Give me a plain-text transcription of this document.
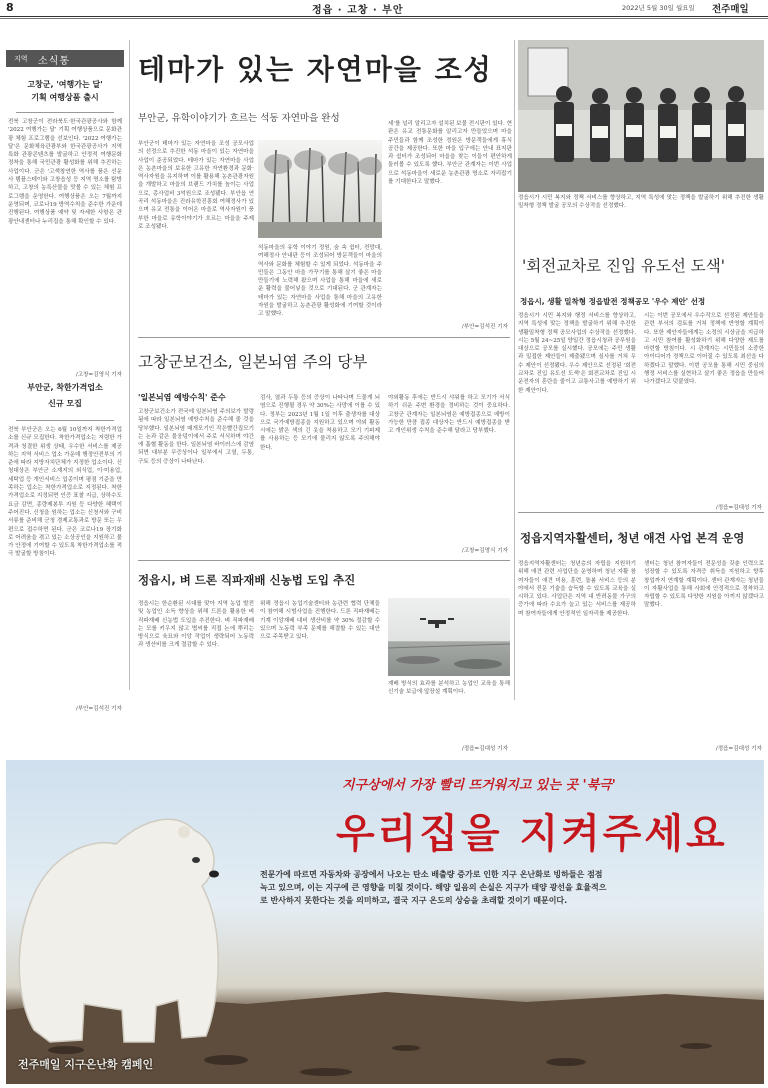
8	정읍 · 고창 · 부안	2022년 5월 30일 월요일 전주매일
지역 소식통
고창군, '여행가는 달'
기획 여행상품 출시
전북 고창군이 전라북도·한국관광공사와 함께 '2022 여행가는 달' 기획 여행상품으로 문화관광 체험 프로그램을 선보인다. '2022 여행가는 달'은 문화체육관광부와 한국관광공사가 지역특화 관광콘텐츠를 발굴하고 안정적 여행문화 정착을 통해 국민관광 활성화를 위해 추진하는 사업이다. 군은 '고색창연한 역사를 품은 선운사 템플스테이와 고창읍성 등 지역 명소를 탐방하고, 고창의 농특산물을 맛볼 수 있는 체험 프로그램을 운영한다. 여행상품은 오는 7월까지 운영되며, 코로나19 방역수칙을 준수한 가운데 진행된다. 여행상품 예약 및 자세한 사항은 관광안내센터나 누리집을 통해 확인할 수 있다.
/고창=김영식 기자
부안군, 착한가격업소
신규 모집
전북 부안군은 오는 6월 10일까지 착한가격업소를 신규 모집한다. 착한가격업소는 저렴한 가격과 청결한 위생 상태, 우수한 서비스를 제공하는 지역 서비스 업소 가운데 행정안전부의 기준에 따라 지방자치단체가 지정한 업소이다. 신청대상은 부안군 소재지의 외식업, 이·미용업, 세탁업 등 개인서비스 업종이며 평점 기준을 만족하는 업소는 착한가격업소로 지정된다. 착한가격업소로 지정되면 인증 표찰 지급, 상하수도 요금 감면, 종량제봉투 지원 등 다양한 혜택이 주어진다. 신청을 원하는 업소는 신청서와 구비서류를 준비해 군청 경제교통과로 방문 또는 우편으로 접수하면 된다. 군은 코로나19 장기화로 어려움을 겪고 있는 소상공인을 지원하고 물가 안정에 기여할 수 있도록 착한가격업소를 적극 발굴할 방침이다.
/부안=김석진 기자
테마가 있는 자연마을 조성
부안군, 유학이야기가 흐르는 석동 자연마을 완성
부안군이 테마가 있는 자연마을 조성 공모사업의 선정으로 추진한 석동 마을이 있는 자연마을 사업이 준공되었다. 테마가 있는 자연마을 사업은 농촌마을의 보유한 고유한 자연환경과 문화·역사자원을 유지하며 이를 활용해 농촌관광자원을 개발하고 마을의 브랜드 가치를 높이는 사업으로, 총사업비 3억원으로 조성됐다. 부안읍 연곡리 석동마을은 진라유학진흥회 여해정사가 있으며 유교 전통을 이어온 마을로 역사자원이 풍부한 마을로 유학이야기가 흐르는 마을을 주제로 조성됐다.
석동마을의 유학 이야기 정원, 숲 속 쉼터, 전망대, 여해정사 안내판 등이 조성되어 방문객들이 마을의 역사와 문화를 체험할 수 있게 되었다. 석동마을 주민들은 그동안 마을 가꾸기를 통해 살기 좋은 마을 만들기에 노력해 왔으며 사업을 통해 마을에 새로운 활력을 불어넣을 것으로 기대된다. 군 관계자는 테마가 있는 자연마을 사업을 통해 마을의 고유한 자원을 발굴하고 농촌관광 활성화에 기여할 것이라고 말했다.
세'를 널리 알리고자 설치된 보물 전시판이 있다. 현판은 유교 전통문화를 알리고자 만들었으며 마을 주민들과 함께 조성한 정원은 방문객들에게 휴식 공간을 제공한다. 또한 마을 입구에는 안내 표지판과 쉼터가 조성되어 마을을 찾는 이들이 편안하게 둘러볼 수 있도록 했다. 부안군 관계자는 이번 사업으로 석동마을이 새로운 농촌관광 명소로 자리잡기를 기대한다고 말했다.
/부안=김석진 기자
정읍시가 시민 복지와 정책 서비스를 향상하고, 지역 특성에 맞는 정책을 발굴하기 위해 추진한 생활밀착형 정책 발굴 공모의 수상작을 선정했다.
'회전교차로 진입 유도선 도색'
정읍시, 생활 밀착형 정읍발전 정책공모 '우수 제안' 선정
정읍시가 시민 복지와 행정 서비스를 향상하고, 지역 특성에 맞는 정책을 발굴하기 위해 추진한 생활밀착형 정책 공모사업의 수상작을 선정했다. 시는 5월 24~25일 양일간 정읍시청과 공무원을 대상으로 공모를 실시했다. 공모에는 주민 생활과 밀접한 제안들이 제출됐으며 심사를 거쳐 우수 제안이 선정됐다. 우수 제안으로 선정된 '회전교차로 진입 유도선 도색'은 회전교차로 진입 시 운전자의 혼란을 줄이고 교통사고를 예방하기 위한 제안이다.
시는 이번 공모에서 우수작으로 선정된 제안들을 관련 부서의 검토를 거쳐 정책에 반영할 계획이다. 또한 제안자들에게는 소정의 시상금을 지급하고 시민 참여를 활성화하기 위해 다양한 제도를 마련할 방침이다. 시 관계자는 시민들의 소중한 아이디어가 정책으로 이어질 수 있도록 최선을 다하겠다고 말했다. 이번 공모를 통해 시민 중심의 행정 서비스를 실현하고 살기 좋은 정읍을 만들어 나가겠다고 덧붙였다.
/정읍=김대성 기자
고창군보건소, 일본뇌염 주의 당부
'일본뇌염 예방수칙' 준수
고창군보건소가 전국에 일본뇌염 주의보가 발령됨에 따라 일본뇌염 예방수칙을 준수해 줄 것을 당부했다. 일본뇌염 매개모기인 작은빨간집모기는 논과 같은 물웅덩이에서 주로 서식하며 야간에 흡혈 활동을 한다. 일본뇌염 바이러스에 감염되면 대부분 무증상이나 일부에서 고열, 두통, 구토 등의 증상이 나타난다.
검사, 열과 두통 등의 증상이 나타나며 드물게 뇌염으로 진행될 경우 약 30%는 사망에 이를 수 있다. 정부는 2023년 1월 1일 이후 출생자를 대상으로 국가예방접종을 지원하고 있으며 야외 활동 시에는 밝은 색의 긴 옷을 착용하고 모기 기피제를 사용하는 등 모기에 물리지 않도록 주의해야 한다.
야외활동 후에는 반드시 샤워를 하고 모기가 서식하기 쉬운 주변 환경을 정비하는 것이 중요하다. 고창군 관계자는 일본뇌염은 예방접종으로 예방이 가능한 만큼 접종 대상자는 반드시 예방접종을 받고 개인위생 수칙을 준수해 달라고 당부했다.
/고창=김영식 기자
정읍시, 벼 드론 직파재배 신농법 도입 추진
정읍시는 한순환된 시대를 맞아 지역 농업 발전 및 농업인 소득 향상을 위해 드론을 활용한 벼 직파재배 신농법 도입을 추진한다. 벼 직파재배는 모를 키우지 않고 볍씨를 직접 논에 뿌리는 방식으로 육묘와 이앙 작업이 생략되어 노동력과 생산비를 크게 절감할 수 있다.
위해 정읍시 농업기술센터와 농관련 협력 단체들이 참여해 시범사업을 진행한다. 드론 직파재배는 기계 이앙재배 대비 생산비를 약 30% 절감할 수 있으며 노동력 부족 문제를 해결할 수 있는 대안으로 주목받고 있다.
재배 방식의 효과를 분석하고 농업인 교육을 통해 신기술 보급에 앞장설 계획이다.
/정읍=김대성 기자
정읍지역자활센터, 청년 애견 사업 본격 운영
정읍지역자활센터는 청년층의 자립을 지원하기 위해 애견 관련 사업단을 운영하며 청년 자활 참여자들이 애견 미용, 훈련, 돌봄 서비스 등의 분야에서 전문 기술을 습득할 수 있도록 교육을 실시하고 있다. 사업단은 지역 내 반려동물 가구의 증가에 따라 수요가 늘고 있는 서비스를 제공하며 참여자들에게 안정적인 일자리를 제공한다.
센터는 청년 참여자들이 전문성을 갖춘 인력으로 성장할 수 있도록 자격증 취득을 지원하고 향후 창업까지 연계할 계획이다. 센터 관계자는 청년들이 자활사업을 통해 사회에 안정적으로 정착하고 자립할 수 있도록 다양한 지원을 아끼지 않겠다고 말했다.
/정읍=김대성 기자
지구상에서 가장 빨리 뜨거워지고 있는 곳 '북극'
우리집을 지켜주세요
전문가에 따르면 자동차와 공장에서 나오는 탄소 배출량 증가로 인한 지구 온난화로 빙하들은 점점
녹고 있으며, 이는 지구에 큰 영향을 미칠 것이다. 해양 일음의 손실은 지구가 태양 광선을 효율적으
로 반사하지 못한다는 것을 의미하고, 결국 지구 온도의 상승을 초래할 것이기 때문이다.
전주매일 지구온난화 캠페인
